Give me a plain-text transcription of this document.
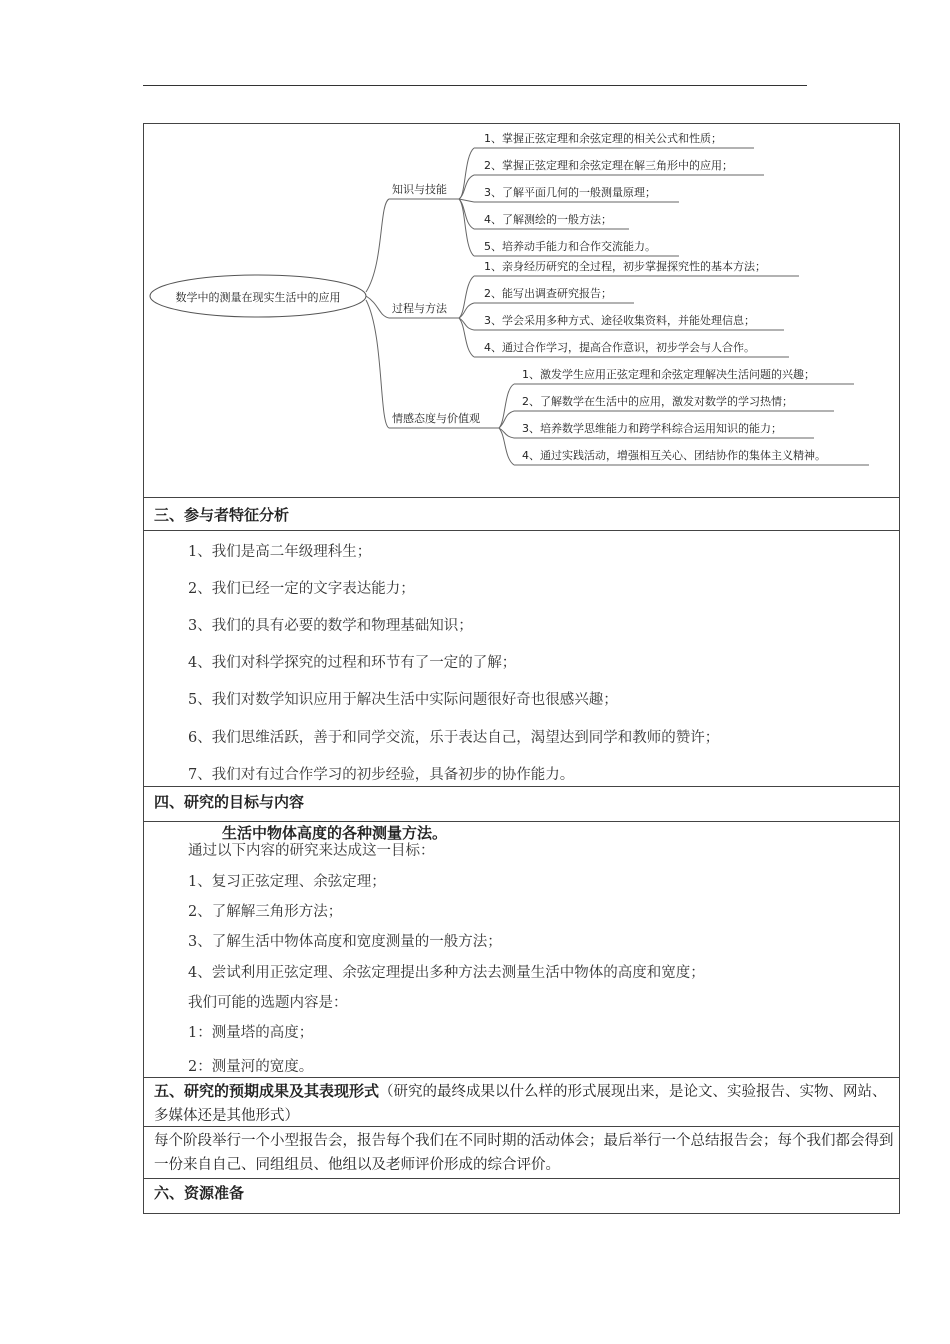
数学中的测量在现实生活中的应用
知识与技能
1、掌握正弦定理和余弦定理的相关公式和性质；
2、掌握正弦定理和余弦定理在解三角形中的应用；
3、了解平面几何的一般测量原理；
4、了解测绘的一般方法；
5、培养动手能力和合作交流能力。
过程与方法
1、亲身经历研究的全过程，初步掌握探究性的基本方法；
2、能写出调查研究报告；
3、学会采用多种方式、途径收集资料，并能处理信息；
4、通过合作学习，提高合作意识，初步学会与人合作。
情感态度与价值观
1、激发学生应用正弦定理和余弦定理解决生活问题的兴趣；
2、了解数学在生活中的应用，激发对数学的学习热情；
3、培养数学思维能力和跨学科综合运用知识的能力；
4、通过实践活动，增强相互关心、团结协作的集体主义精神。
三、参与者特征分析
1、我们是高二年级理科生；
2、我们已经一定的文字表达能力；
3、我们的具有必要的数学和物理基础知识；
4、我们对科学探究的过程和环节有了一定的了解；
5、我们对数学知识应用于解决生活中实际问题很好奇也很感兴趣；
6、我们思维活跃，善于和同学交流，乐于表达自己，渴望达到同学和教师的赞许；
7、我们对有过合作学习的初步经验，具备初步的协作能力。
四、研究的目标与内容
生活中物体高度的各种测量方法。
通过以下内容的研究来达成这一目标：
1、复习正弦定理、余弦定理；
2、了解解三角形方法；
3、了解生活中物体高度和宽度测量的一般方法；
4、尝试利用正弦定理、余弦定理提出多种方法去测量生活中物体的高度和宽度；
我们可能的选题内容是：
1：测量塔的高度；
2：测量河的宽度。
五、研究的预期成果及其表现形式（研究的最终成果以什么样的形式展现出来，是论文、实验报告、实物、网站、多媒体还是其他形式）
每个阶段举行一个小型报告会，报告每个我们在不同时期的活动体会；最后举行一个总结报告会；每个我们都会得到一份来自自己、同组组员、他组以及老师评价形成的综合评价。
六、资源准备
